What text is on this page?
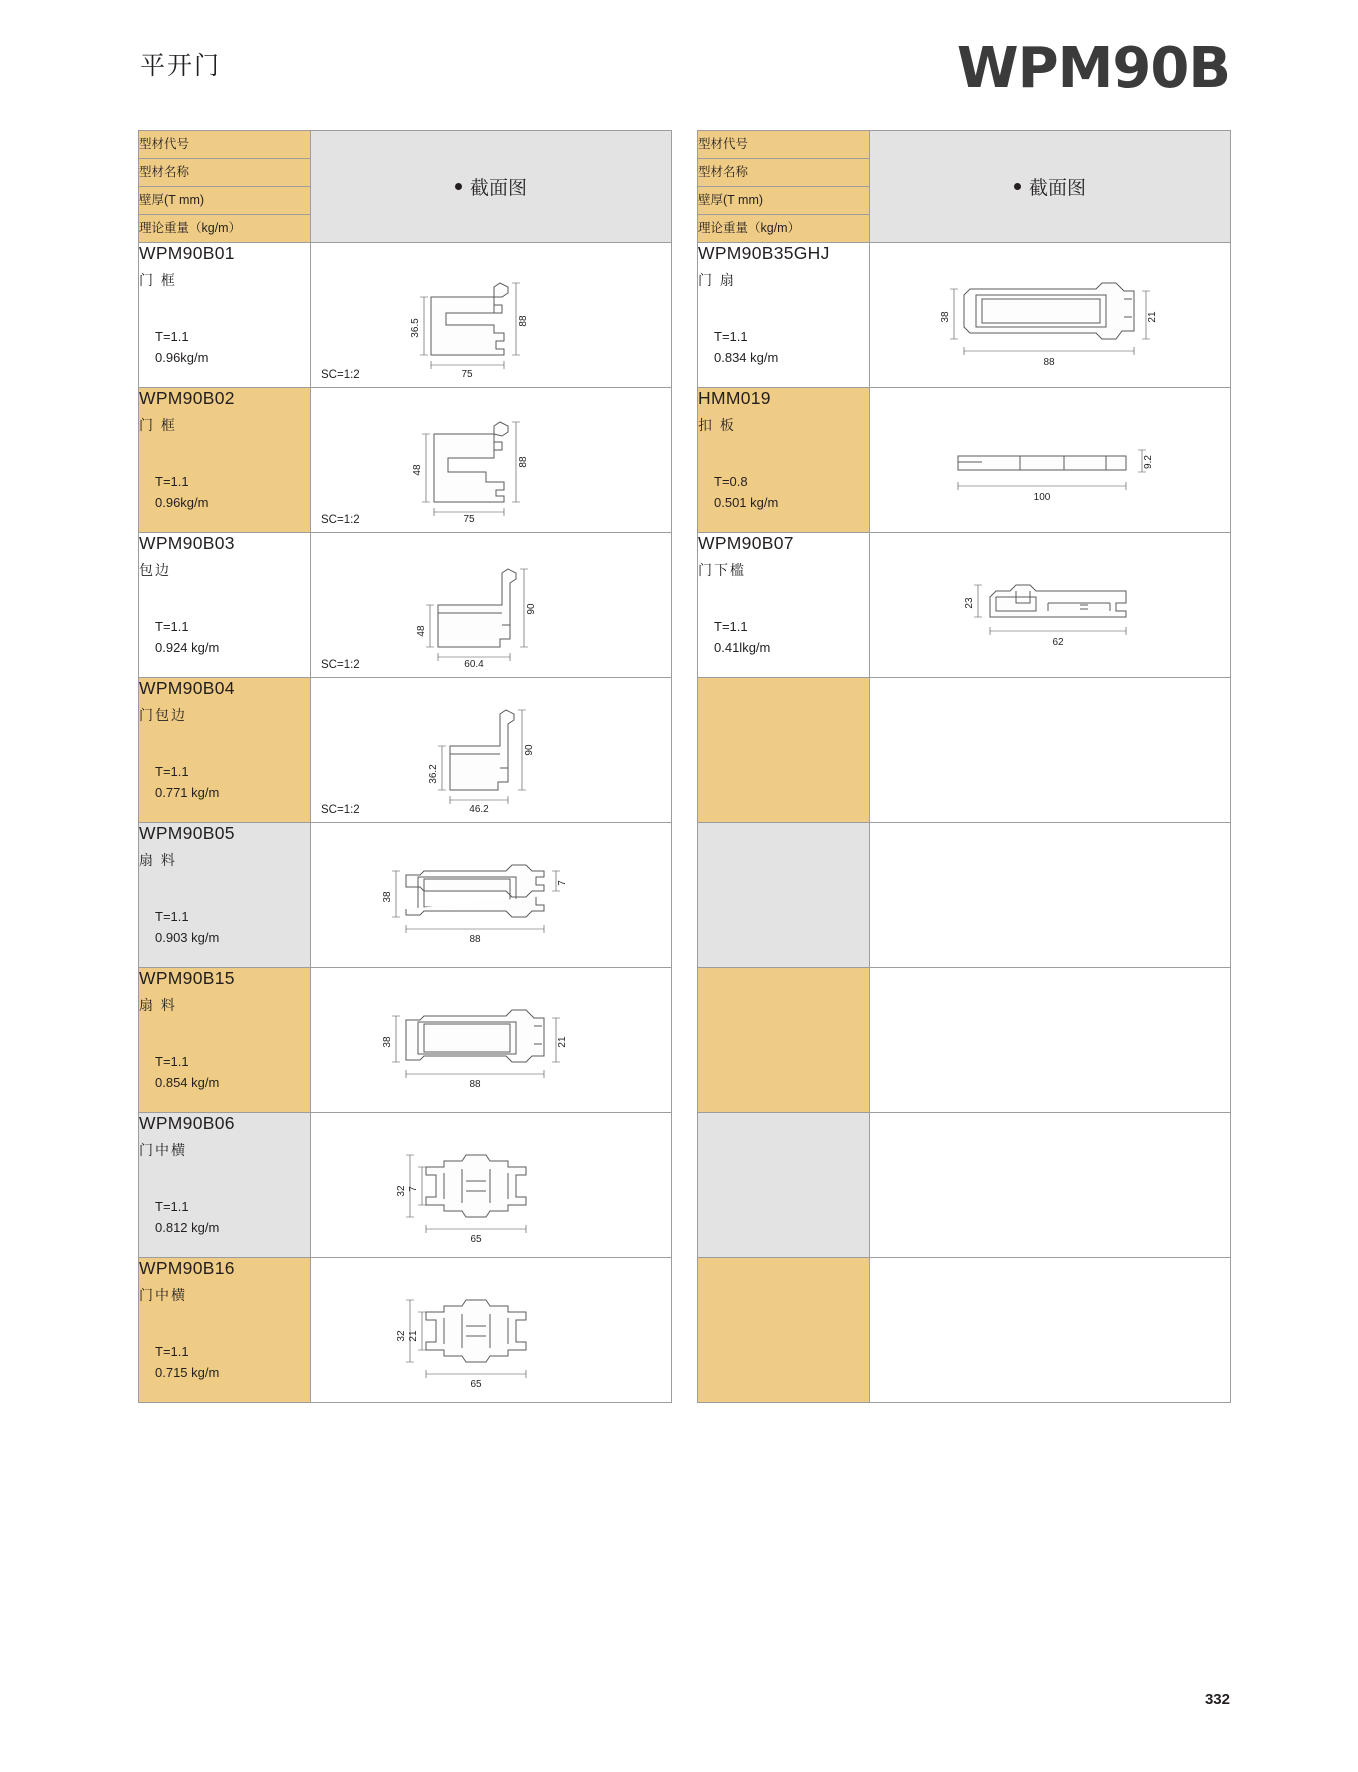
平开门	WPM90B
型材代号	截面图
型材名称	
壁厚(T mm)	
理论重量（kg/m）	

WPM90B01
门 框
T=1.1
0.96kg/m

36.5	88
75
SC=1:2

WPM90B02
门 框
T=1.1
0.96kg/m

48
88
75
SC=1:2

WPM90B03
包边
T=1.1
0.924 kg/m

48
90
60.4
SC=1:2

WPM90B04
门包边
T=1.1
0.771 kg/m

36.2
90
46.2
SC=1:2

WPM90B05
扇 料
T=1.1
0.903 kg/m

38
7
88

WPM90B15
扇 料
T=1.1
0.854 kg/m

38	21
88

WPM90B06
门中横
T=1.1
0.812 kg/m

32 7
65

WPM90B16
门中横
T=1.1
0.715 kg/m

32 21
65
型材代号	截面图
型材名称	
壁厚(T mm)	
理论重量（kg/m）	

WPM90B35GHJ
门 扇
T=1.1
0.834 kg/m

38	21
88

HMM019
扣 板
T=0.8
0.501 kg/m

9.2
100

WPM90B07
门下槛
T=1.1
0.41lkg/m

23
62

332
